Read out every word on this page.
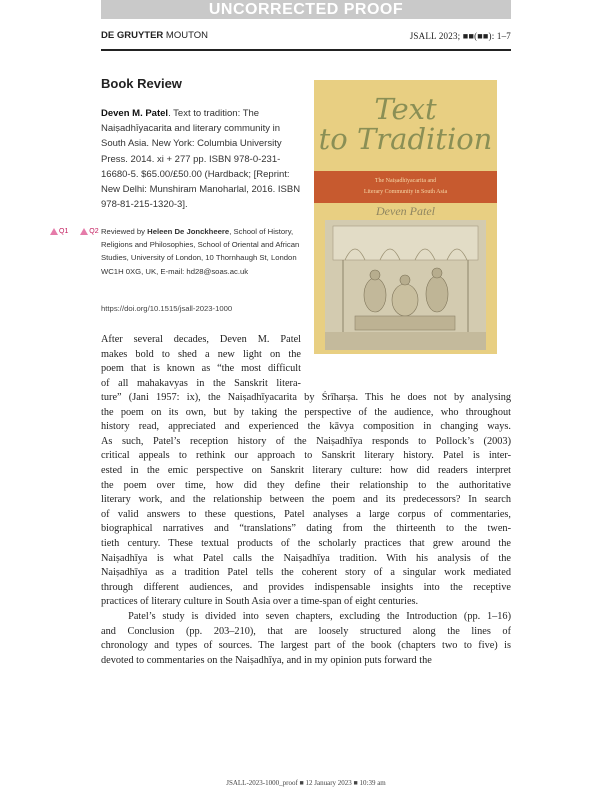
UNCORRECTED PROOF
DE GRUYTER MOUTON	JSALL 2023; ■■(■■): 1–7
Book Review
Deven M. Patel. Text to tradition: The Naiṣadhīyacarita and literary community in South Asia. New York: Columbia University Press. 2014. xi + 277 pp. ISBN 978-0-231-16680-5. $65.00/£50.00 (Hardback; [Reprint: New Delhi: Munshiram Manoharlal, 2016. ISBN 978-81-215-1320-3].
Q1	Q2 Reviewed by Heleen De Jonckheere, School of History, Religions and Philosophies, School of Oriental and African Studies, University of London, 10 Thornhaugh St, London WC1H 0XG, UK, E-mail: hd28@soas.ac.uk
https://doi.org/10.1515/jsall-2023-1000
Text
to Tradition
The Naiṣadhīyacarita and
Literary Community in South Asia
Deven Patel
After several decades, Deven M. Patel
makes bold to shed a new light on the
poem that is known as “the most difficult
of all mahakavyas in the Sanskrit litera-
ture” (Jani 1957: ix), the Naiṣadhīyacarita by Śrīharṣa. This he does not by analysing
the poem on its own, but by taking the perspective of the audience, who throughout
history read, appreciated and experienced the kāvya composition in changing ways.
As such, Patel’s reception history of the Naiṣadhīya responds to Pollock’s (2003)
critical appeals to rethink our approach to Sanskrit literary history. Patel is inter-
ested in the emic perspective on Sanskrit literary culture: how did readers interpret
the poem over time, how did they define their relationship to the authoritative
literary work, and the relationship between the poem and its predecessors? In search
of valid answers to these questions, Patel analyses a large corpus of commentaries,
biographical narratives and “translations” dating from the thirteenth to the twen-
tieth century. These textual products of the scholarly practices that grew around the
Naiṣadhīya is what Patel calls the Naiṣadhīya tradition. With his analysis of the
Naiṣadhīya as a tradition Patel tells the coherent story of a singular work mediated
through different audiences, and provides indispensable insights into the receptive
practices of literary culture in South Asia over a time-span of eight centuries.
Patel’s study is divided into seven chapters, excluding the Introduction (pp. 1–16)
and Conclusion (pp. 203–210), that are loosely structured along the lines of
chronology and types of sources. The largest part of the book (chapters two to five) is
devoted to commentaries on the Naiṣadhīya, and in my opinion puts forward the
JSALL-2023-1000_proof ■ 12 January 2023 ■ 10:39 am
